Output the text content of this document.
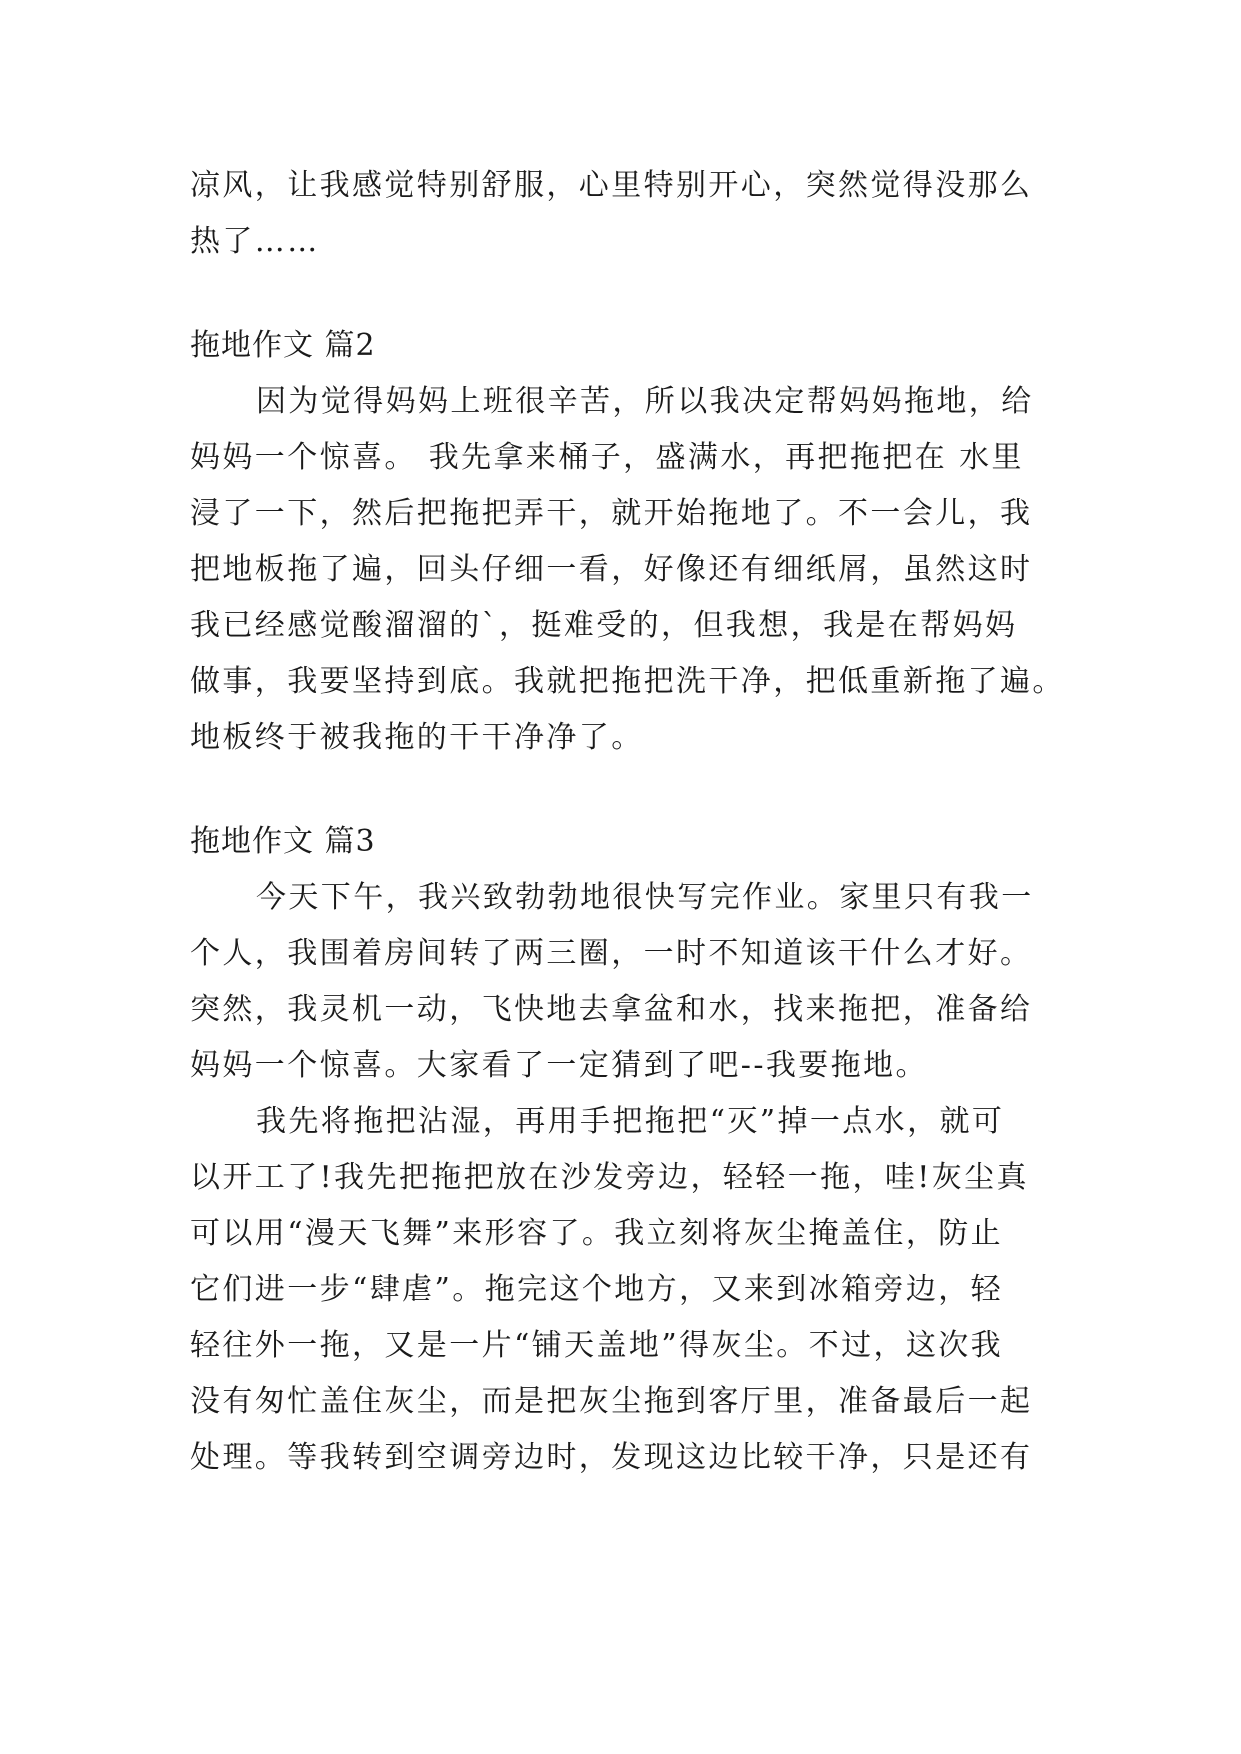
凉风，让我感觉特别舒服，心里特别开心，突然觉得没那么
热了……
拖地作文 篇2
因为觉得妈妈上班很辛苦，所以我决定帮妈妈拖地，给
妈妈一个惊喜。 我先拿来桶子，盛满水，再把拖把在 水里
浸了一下，然后把拖把弄干，就开始拖地了。不一会儿，我
把地板拖了遍，回头仔细一看，好像还有细纸屑，虽然这时
我已经感觉酸溜溜的`，挺难受的，但我想，我是在帮妈妈
做事，我要坚持到底。我就把拖把洗干净，把低重新拖了遍。
地板终于被我拖的干干净净了。
拖地作文 篇3
今天下午，我兴致勃勃地很快写完作业。家里只有我一
个人，我围着房间转了两三圈，一时不知道该干什么才好。
突然，我灵机一动，飞快地去拿盆和水，找来拖把，准备给
妈妈一个惊喜。大家看了一定猜到了吧--我要拖地。
我先将拖把沾湿，再用手把拖把“灭”掉一点水，就可
以开工了!我先把拖把放在沙发旁边，轻轻一拖，哇!灰尘真
可以用“漫天飞舞”来形容了。我立刻将灰尘掩盖住，防止
它们进一步“肆虐”。拖完这个地方，又来到冰箱旁边，轻
轻往外一拖，又是一片“铺天盖地”得灰尘。不过，这次我
没有匆忙盖住灰尘，而是把灰尘拖到客厅里，准备最后一起
处理。等我转到空调旁边时，发现这边比较干净，只是还有
